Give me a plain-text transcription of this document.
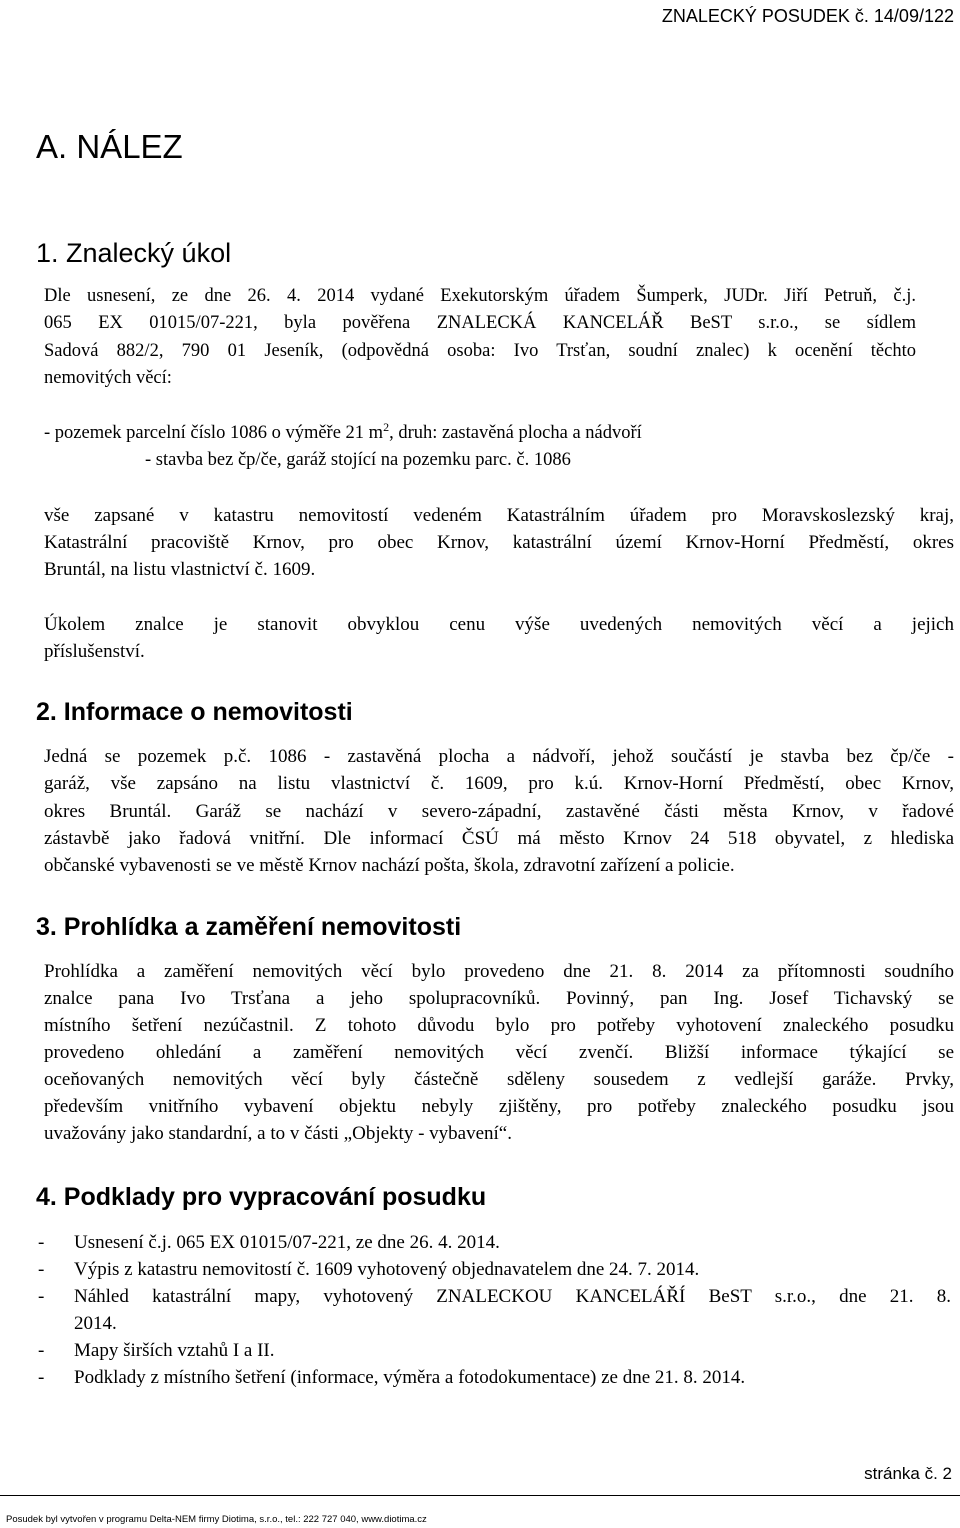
ZNALECKÝ POSUDEK č. 14/09/122
A. NÁLEZ
1. Znalecký úkol
Dle usnesení, ze dne 26. 4. 2014 vydané Exekutorským úřadem Šumperk, JUDr. Jiří Petruň, č.j.
065 EX 01015/07-221, byla pověřena ZNALECKÁ KANCELÁŘ BeST s.r.o., se sídlem
Sadová 882/2, 790 01 Jeseník, (odpovědná osoba: Ivo Trsťan, soudní znalec) k ocenění těchto
nemovitých věcí:
- pozemek parcelní číslo 1086 o výměře 21 $m^2$, druh: zastavěná plocha a nádvoří
- stavba bez čp/če, garáž stojící na pozemku parc. č. 1086
vše zapsané v katastru nemovitostí vedeném Katastrálním úřadem pro Moravskoslezský kraj,
Katastrální pracoviště Krnov, pro obec Krnov, katastrální území Krnov-Horní Předměstí, okres
Bruntál, na listu vlastnictví č. 1609.
Úkolem znalce je stanovit obvyklou cenu výše uvedených nemovitých věcí a jejich
příslušenství.
2. Informace o nemovitosti
Jedná se pozemek p.č. 1086 - zastavěná plocha a nádvoří, jehož součástí je stavba bez čp/če -
garáž, vše zapsáno na listu vlastnictví č. 1609, pro k.ú. Krnov-Horní Předměstí, obec Krnov,
okres Bruntál. Garáž se nachází v severo-západní, zastavěné části města Krnov, v řadové
zástavbě jako řadová vnitřní. Dle informací ČSÚ má město Krnov 24 518 obyvatel, z hlediska
občanské vybavenosti se ve městě Krnov nachází pošta, škola, zdravotní zařízení a policie.
3. Prohlídka a zaměření nemovitosti
Prohlídka a zaměření nemovitých věcí bylo provedeno dne 21. 8. 2014 za přítomnosti soudního
znalce pana Ivo Trsťana a jeho spolupracovníků. Povinný, pan Ing. Josef Tichavský se
místního šetření nezúčastnil. Z tohoto důvodu bylo pro potřeby vyhotovení znaleckého posudku
provedeno ohledání a zaměření nemovitých věcí zvenčí. Bližší informace týkající se
oceňovaných nemovitých věcí byly částečně sděleny sousedem z vedlejší garáže. Prvky,
především vnitřního vybavení objektu nebyly zjištěny, pro potřeby znaleckého posudku jsou
uvažovány jako standardní, a to v části „Objekty - vybavení“.
4. Podklady pro vypracování posudku
- Usnesení č.j. 065 EX 01015/07-221, ze dne 26. 4. 2014.
- Výpis z katastru nemovitostí č. 1609 vyhotovený objednavatelem dne 24. 7. 2014.
- Náhled katastrální mapy, vyhotovený ZNALECKOU KANCELÁŘÍ BeST s.r.o., dne 21. 8.
2014.
- Mapy širších vztahů I a II.
- Podklady z místního šetření (informace, výměra a fotodokumentace) ze dne 21. 8. 2014.
stránka č. 2
Posudek byl vytvořen v programu Delta-NEM firmy Diotima, s.r.o., tel.: 222 727 040, www.diotima.cz
